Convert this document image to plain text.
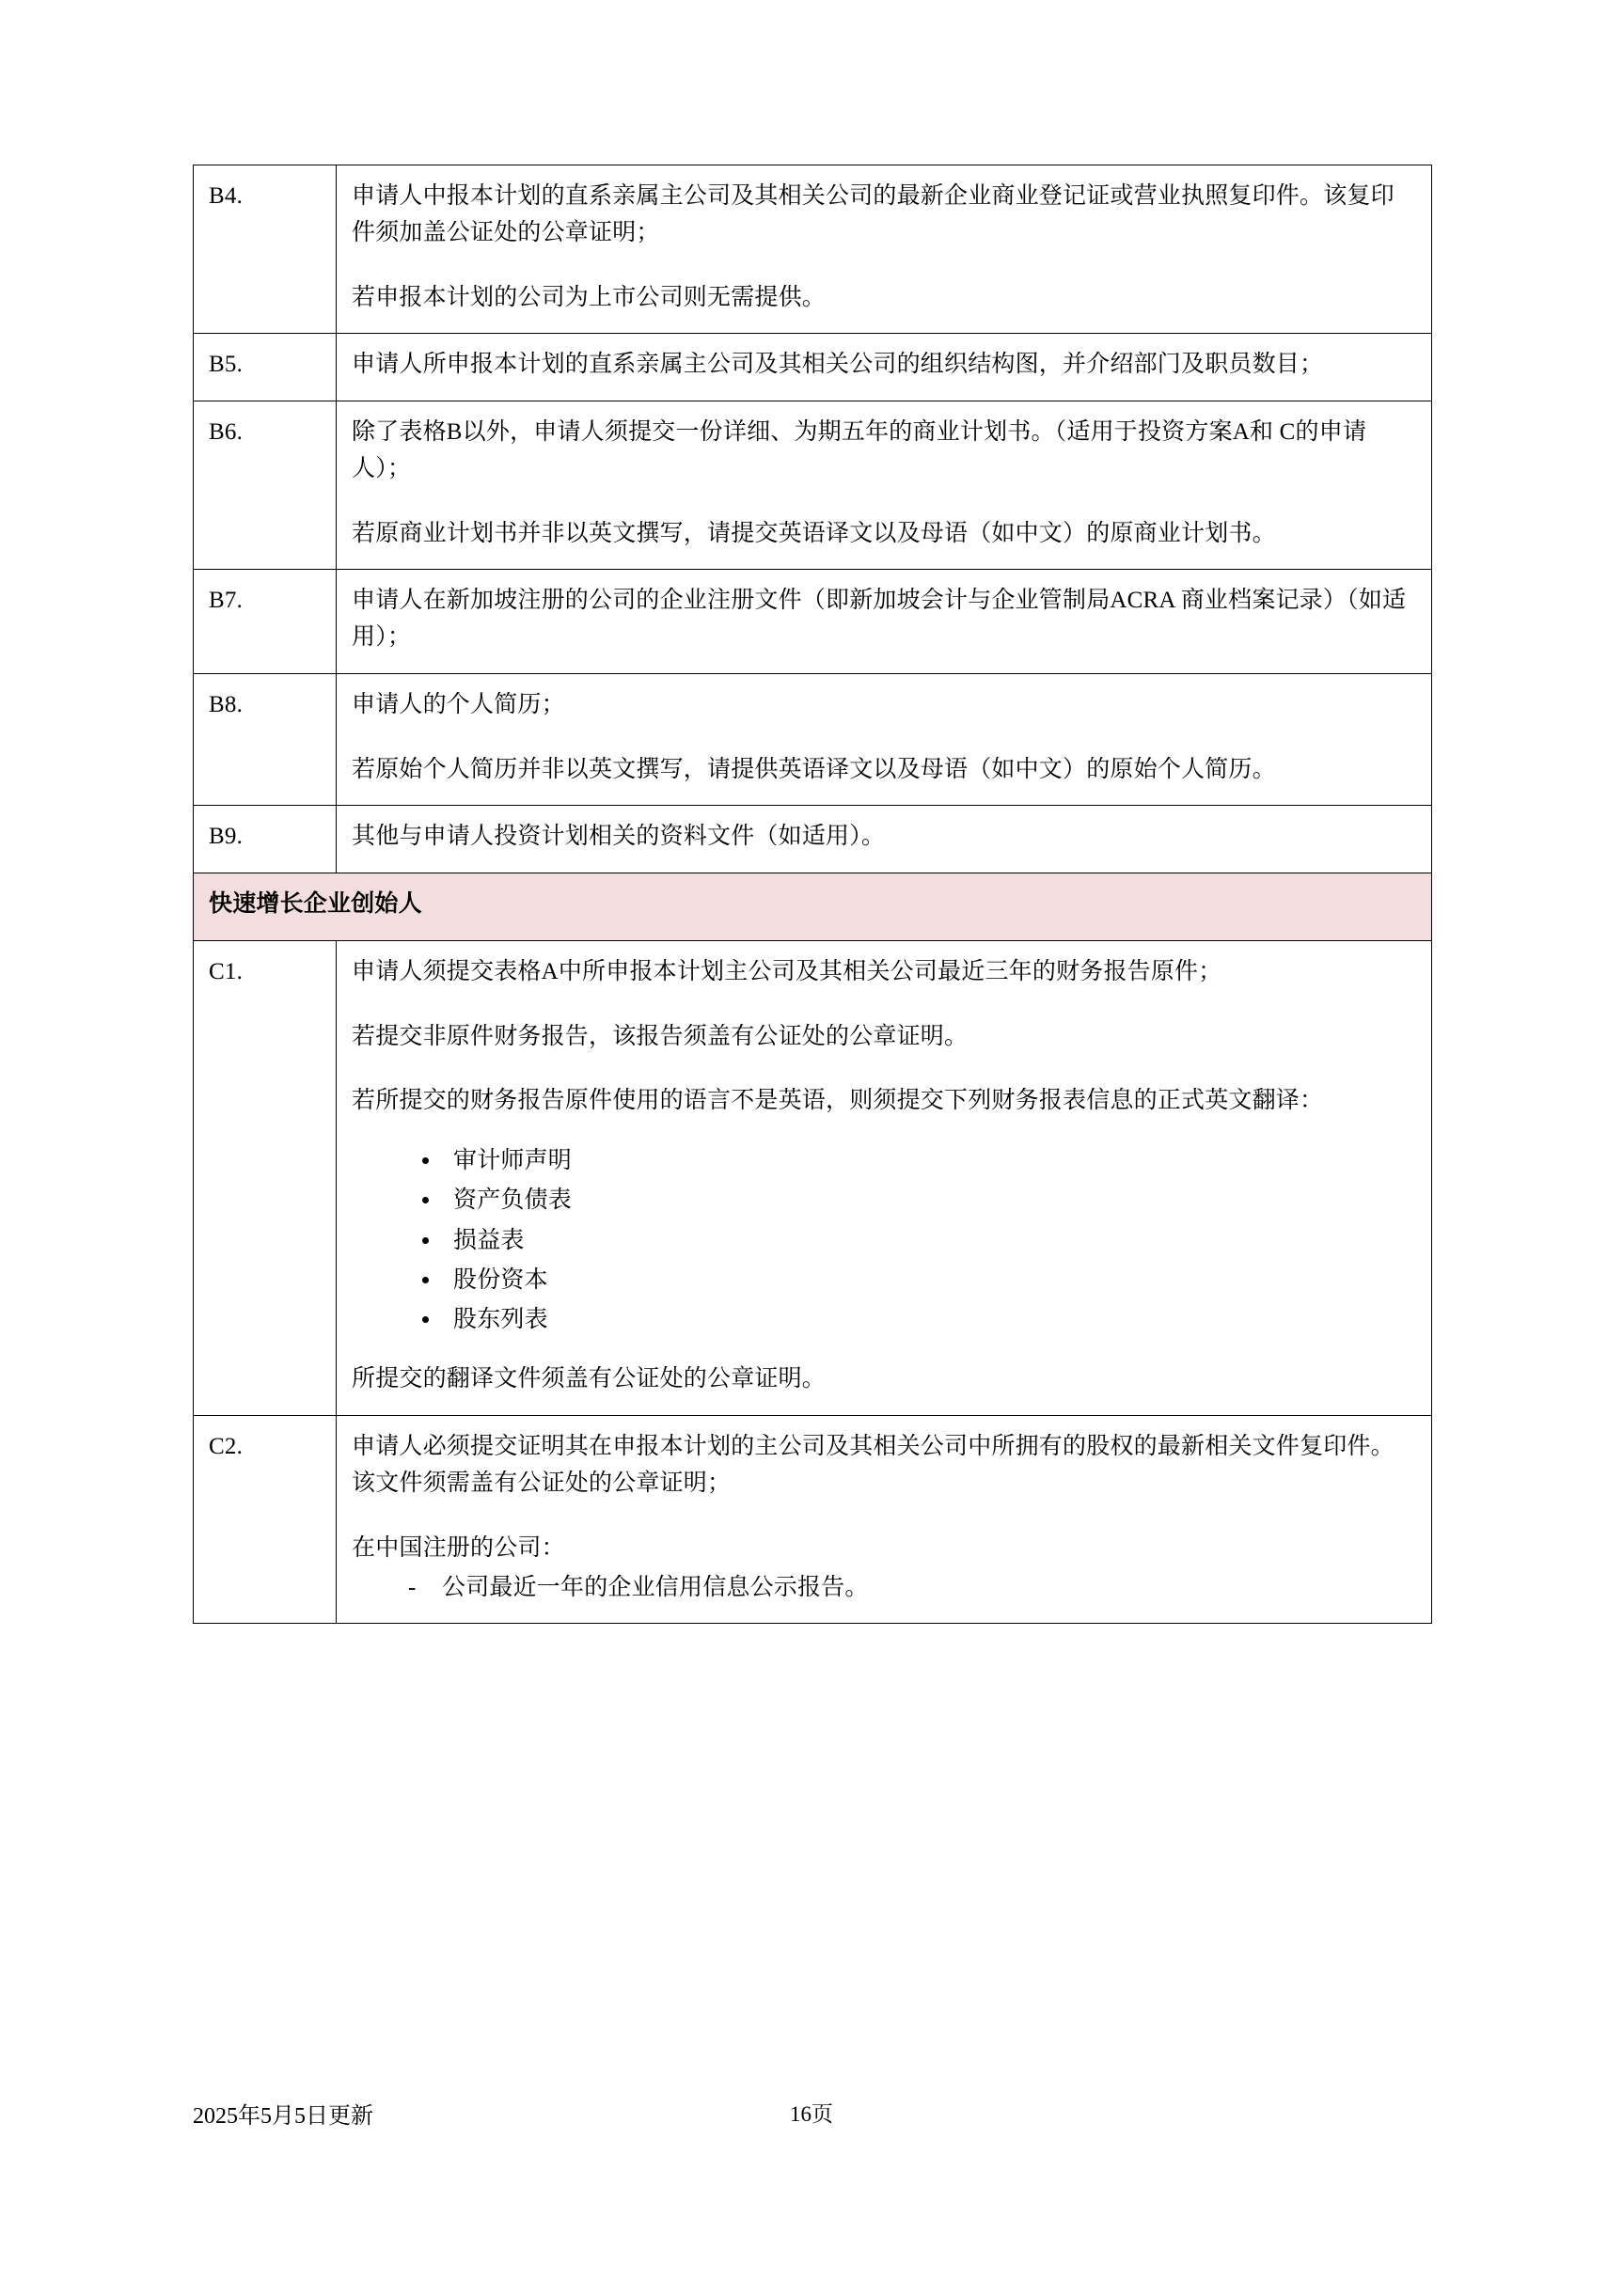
B4.	申请人中报本计划的直系亲属主公司及其相关公司的最新企业商业登记证或营业执照复印件。该复印件须加盖公证处的公章证明；

若申报本计划的公司为上市公司则无需提供。

B5.	申请人所申报本计划的直系亲属主公司及其相关公司的组织结构图，并介绍部门及职员数目；

B6.	除了表格B以外，申请人须提交一份详细、为期五年的商业计划书。（适用于投资方案A和 C的申请人）；

若原商业计划书并非以英文撰写，请提交英语译文以及母语（如中文）的原商业计划书。

B7.	申请人在新加坡注册的公司的企业注册文件（即新加坡会计与企业管制局ACRA 商业档案记录）（如适用）；

B8.	申请人的个人简历；

若原始个人简历并非以英文撰写，请提供英语译文以及母语（如中文）的原始个人简历。

B9.	其他与申请人投资计划相关的资料文件（如适用）。

快速增长企业创始人	
C1.	申请人须提交表格A中所申报本计划主公司及其相关公司最近三年的财务报告原件；

若提交非原件财务报告，该报告须盖有公证处的公章证明。

若所提交的财务报告原件使用的语言不是英语，则须提交下列财务报表信息的正式英文翻译：

• 审计师声明
• 资产负债表
• 损益表
• 股份资本
• 股东列表

所提交的翻译文件须盖有公证处的公章证明。

C2.	申请人必须提交证明其在申报本计划的主公司及其相关公司中所拥有的股权的最新相关文件复印件。该文件须需盖有公证处的公章证明；

在中国注册的公司：

- 公司最近一年的企业信用信息公示报告。
2025年5月5日更新	16页
